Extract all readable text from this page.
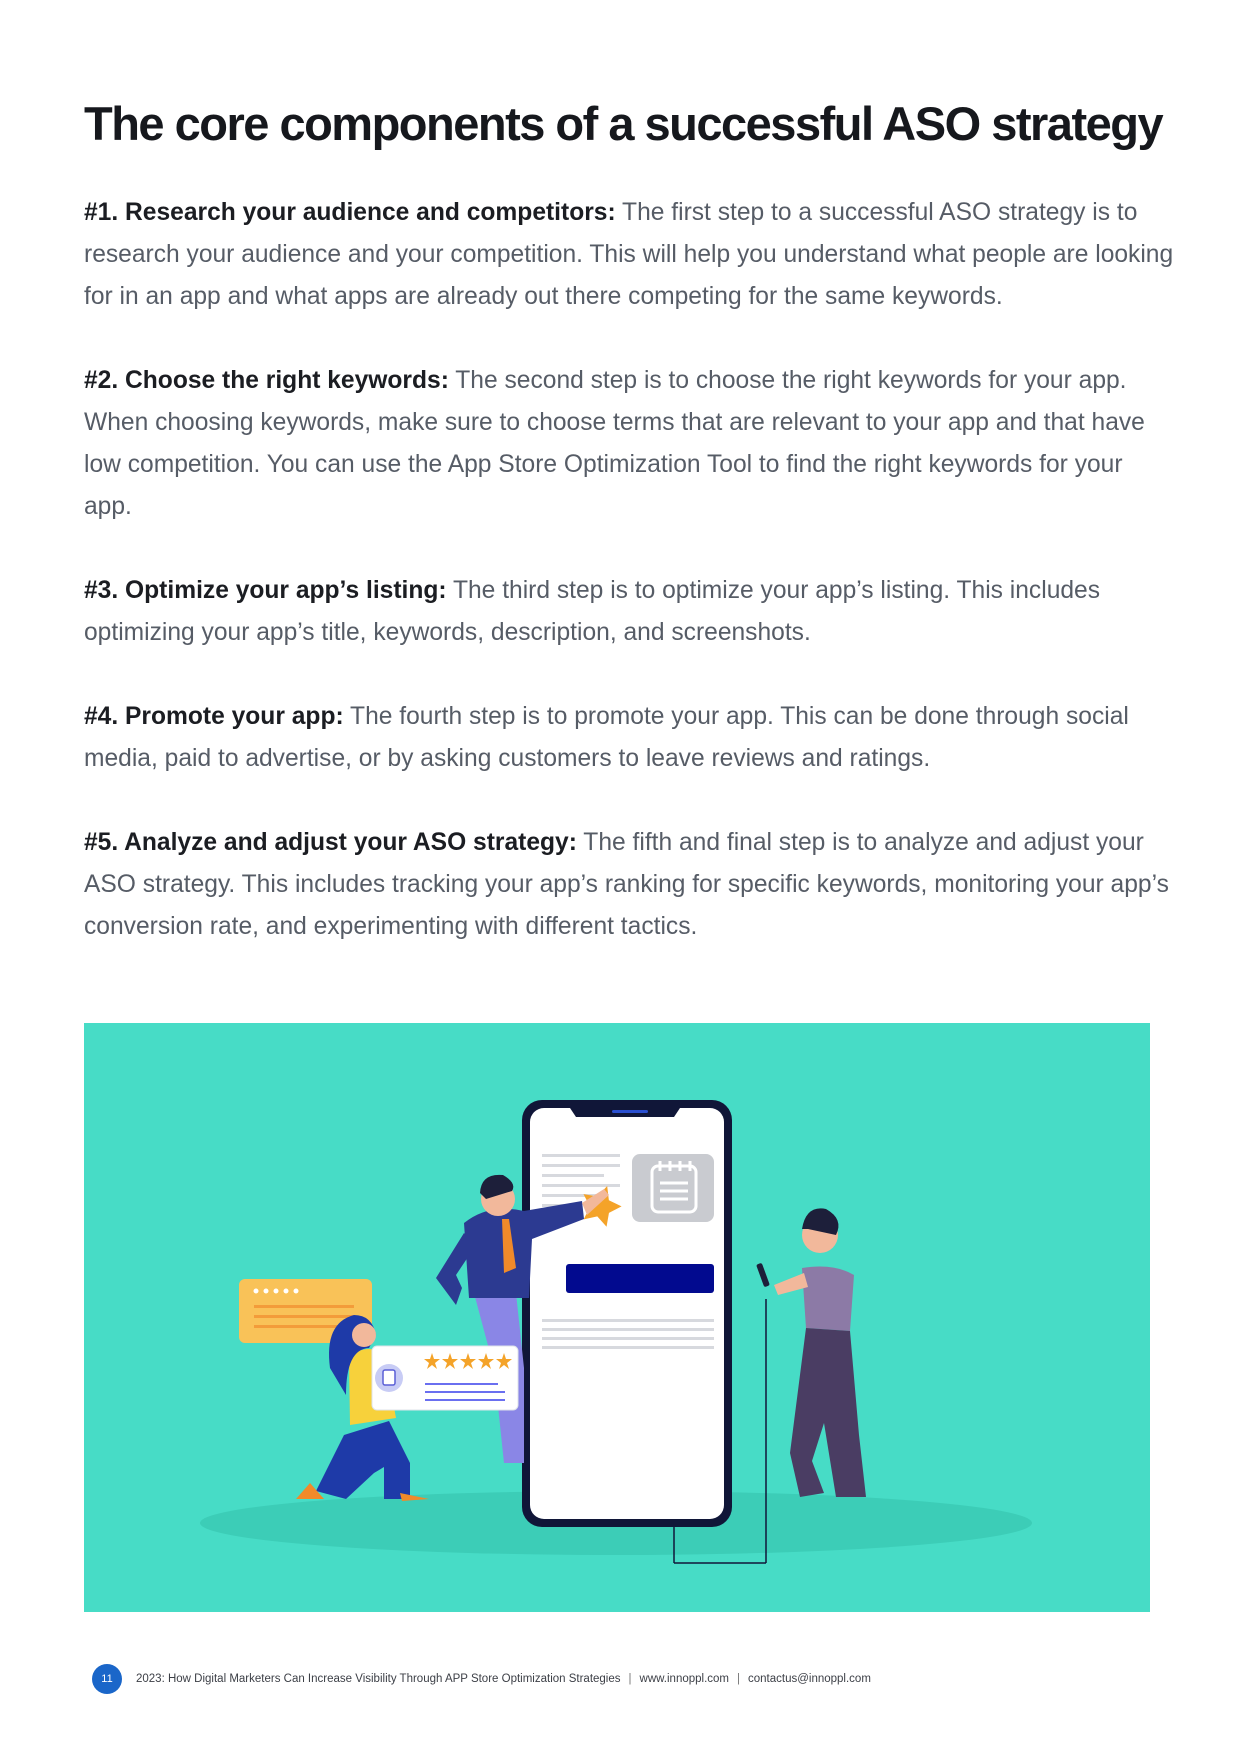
The core components of a successful ASO strategy

#1. Research your audience and competitors: The first step to a successful ASO strategy is to research your audience and your competition. This will help you understand what people are looking for in an app and what apps are already out there competing for the same keywords.

#2. Choose the right keywords: The second step is to choose the right keywords for your app. When choosing keywords, make sure to choose terms that are relevant to your app and that have low competition. You can use the App Store Optimization Tool to find the right keywords for your app.

#3. Optimize your app’s listing: The third step is to optimize your app’s listing. This includes optimizing your app’s title, keywords, description, and screenshots.

#4. Promote your app: The fourth step is to promote your app. This can be done through social media, paid to advertise, or by asking customers to leave reviews and ratings.

#5. Analyze and adjust your ASO strategy: The fifth and final step is to analyze and adjust your ASO strategy. This includes tracking your app’s ranking for specific keywords, monitoring your app’s conversion rate, and experimenting with different tactics.

11	2023: How Digital Marketers Can Increase Visibility Through APP Store Optimization Strategies | www.innoppl.com | contactus@innoppl.com
